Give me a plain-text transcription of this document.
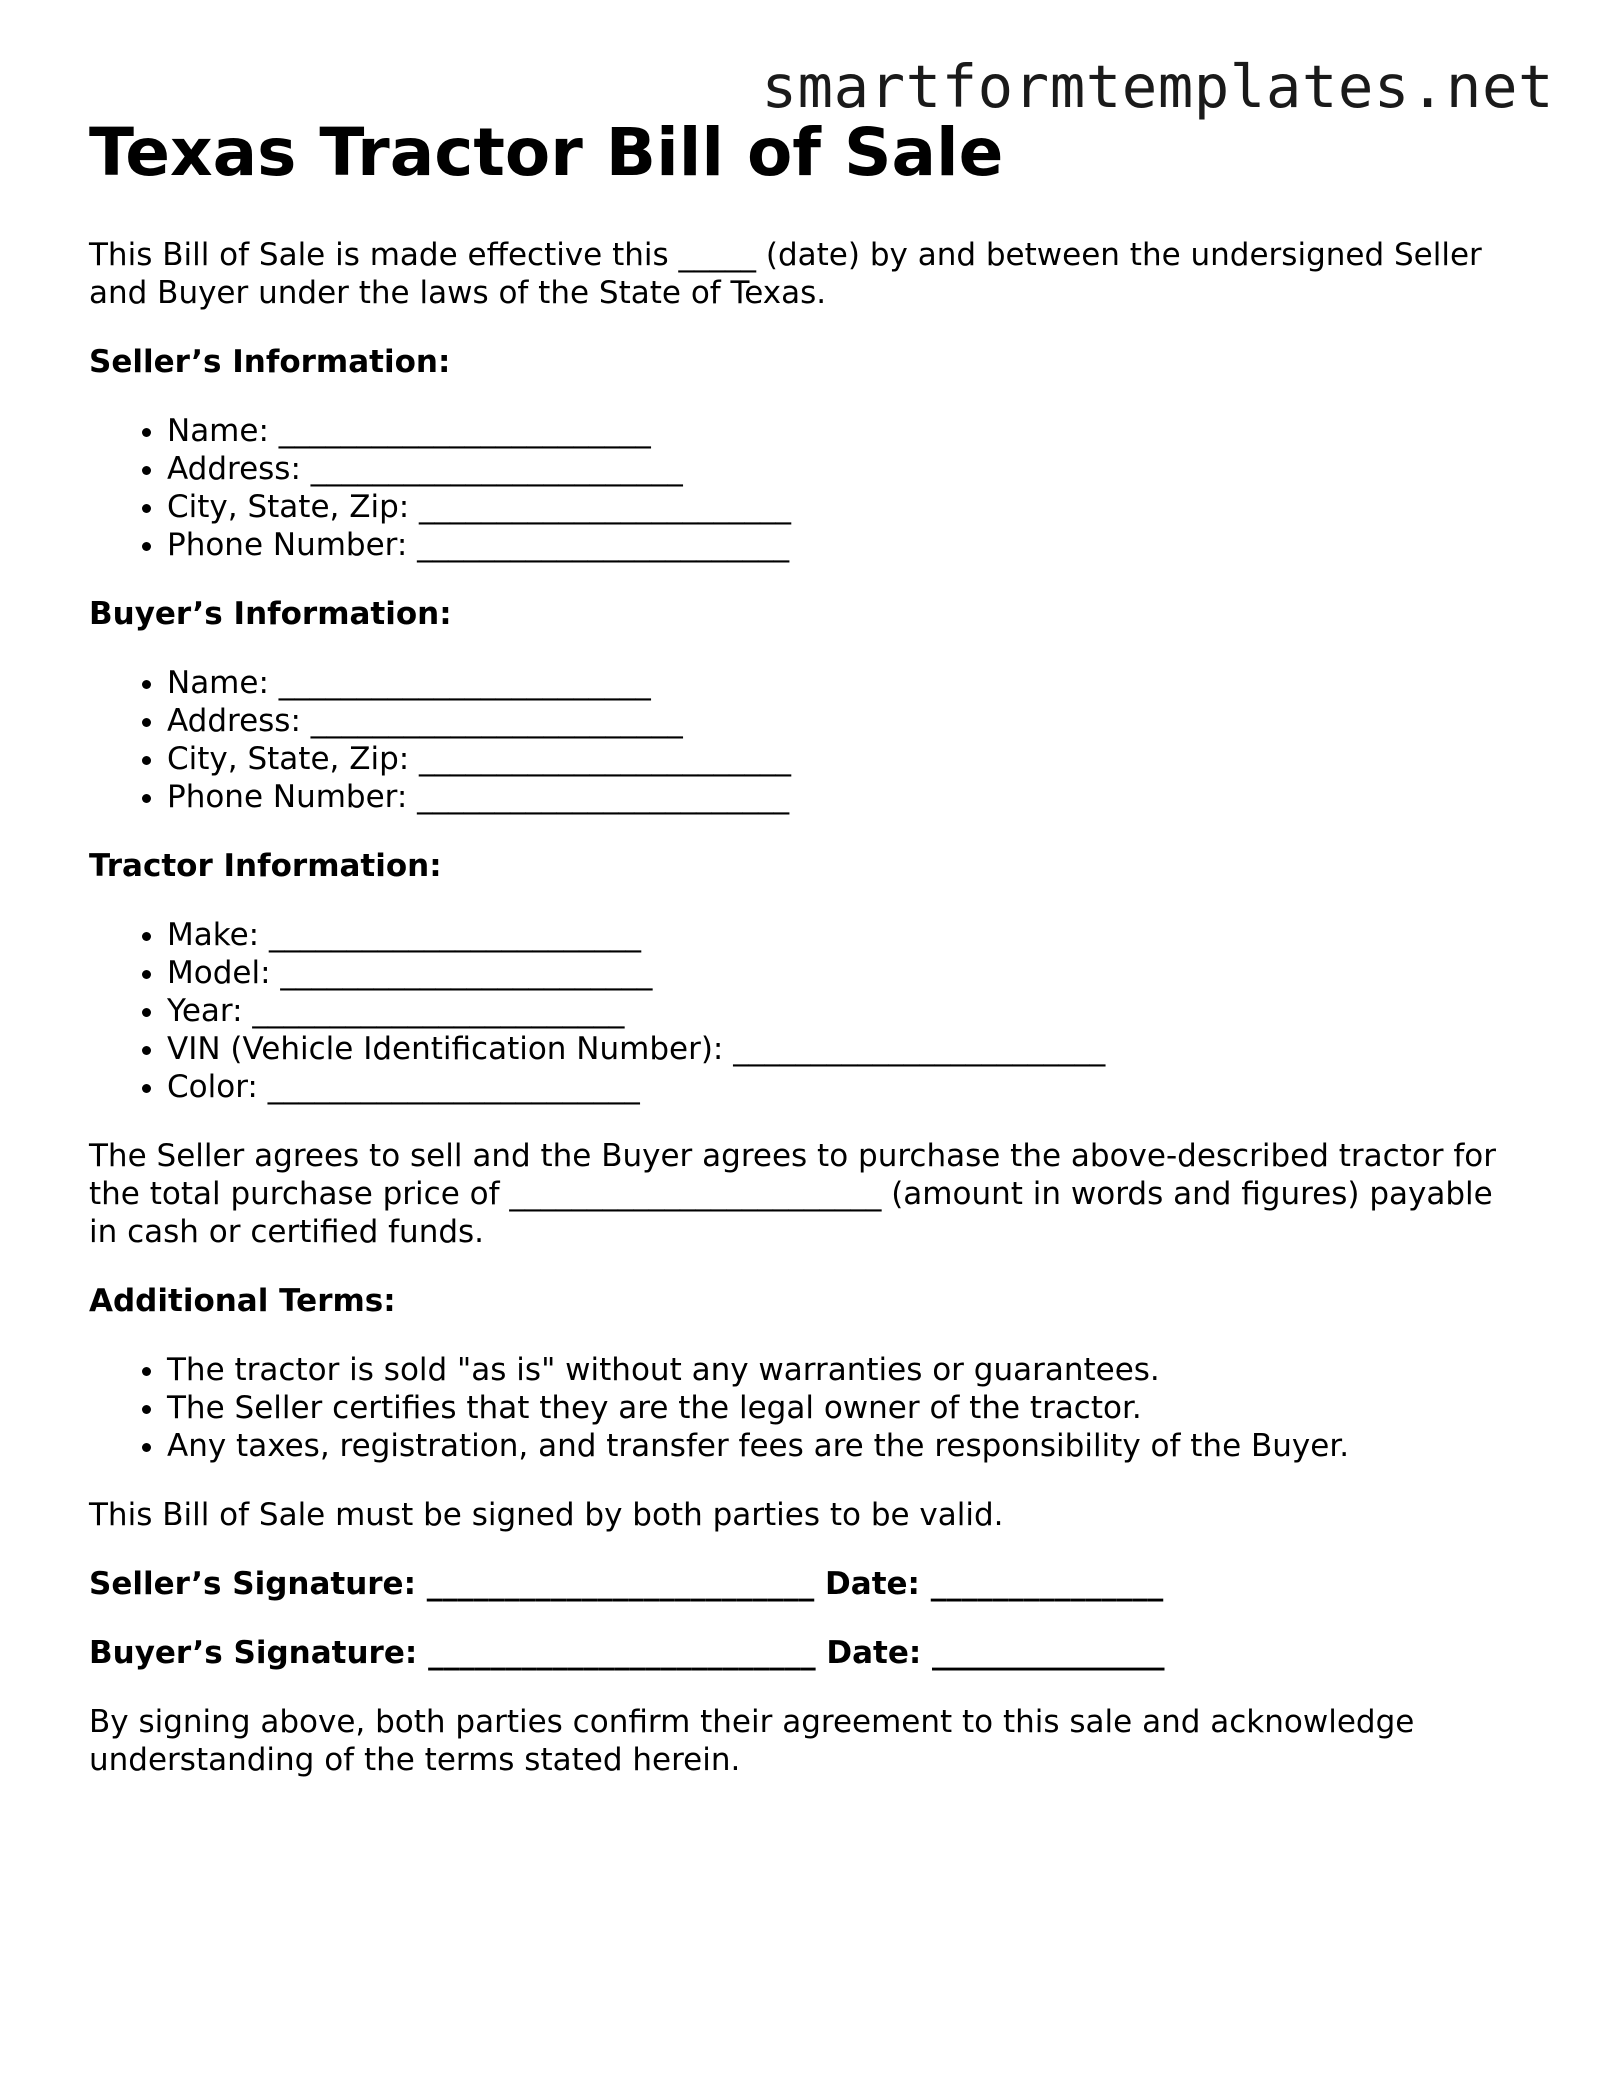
smartformtemplates.net
Texas Tractor Bill of Sale

This Bill of Sale is made effective this _____ (date) by and between the undersigned Seller and Buyer under the laws of the State of Texas.

Seller’s Information:
• Name: ________________________
• Address: ________________________
• City, State, Zip: ________________________
• Phone Number: ________________________
Buyer’s Information:
• Name: ________________________
• Address: ________________________
• City, State, Zip: ________________________
• Phone Number: ________________________
Tractor Information:
• Make: ________________________
• Model: ________________________
• Year: ________________________
• VIN (Vehicle Identification Number): ________________________
• Color: ________________________

The Seller agrees to sell and the Buyer agrees to purchase the above-described tractor for the total purchase price of ________________________ (amount in words and figures) payable in cash or certified funds.

Additional Terms:
• The tractor is sold "as is" without any warranties or guarantees.
• The Seller certifies that they are the legal owner of the tractor.
• Any taxes, registration, and transfer fees are the responsibility of the Buyer.

This Bill of Sale must be signed by both parties to be valid.

Seller’s Signature: _________________________ Date: _______________
Buyer’s Signature: _________________________ Date: _______________

By signing above, both parties confirm their agreement to this sale and acknowledge understanding of the terms stated herein.
